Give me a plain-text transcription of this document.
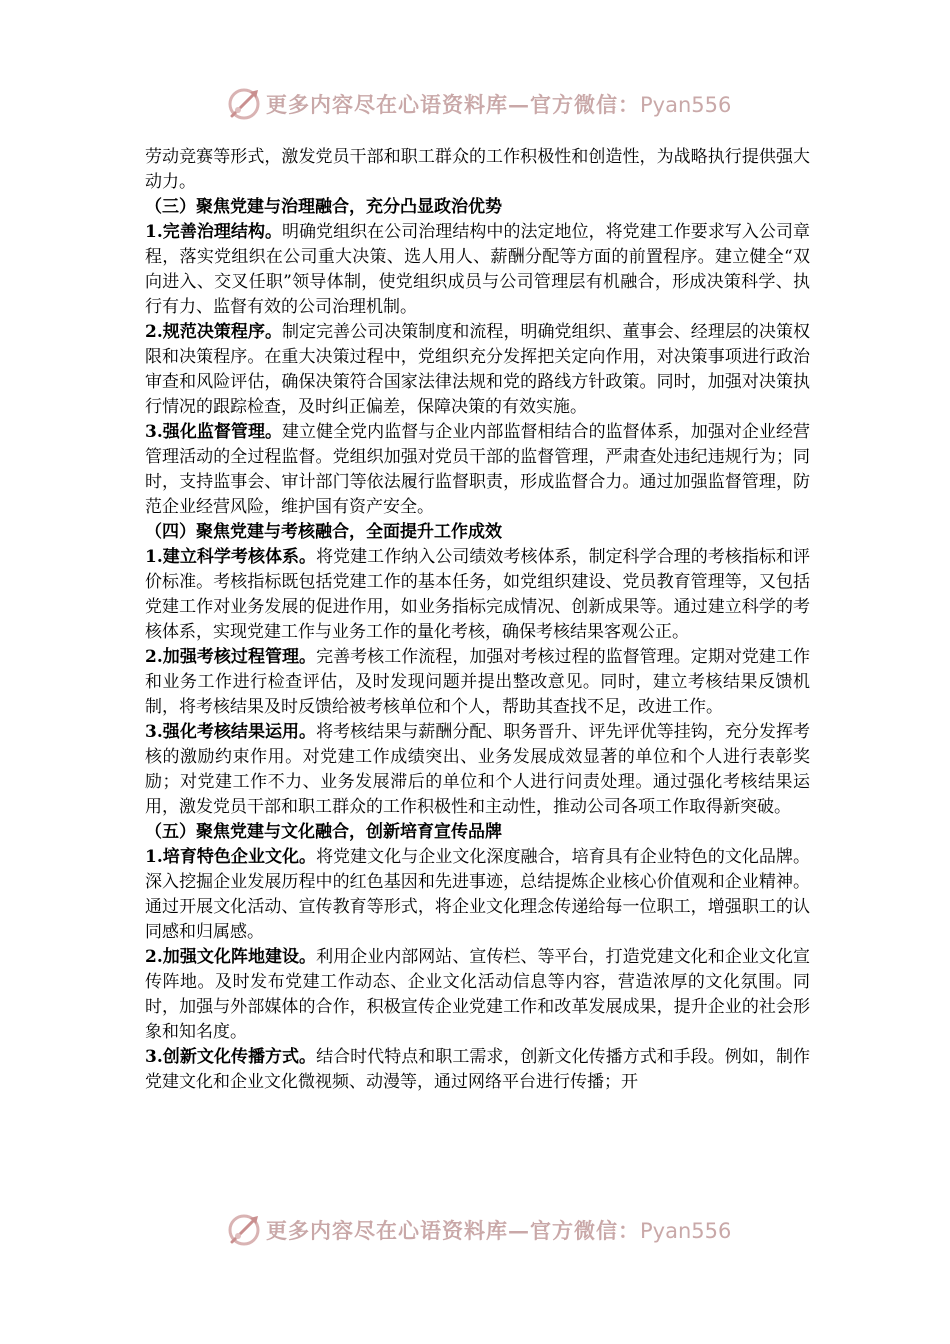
更多内容尽在心语资料库—官方微信：Pyan556

劳动竞赛等形式，激发党员干部和职工群众的工作积极性和创造性，为战略执行提供强大动力。

（三）聚焦党建与治理融合，充分凸显政治优势

1.完善治理结构。明确党组织在公司治理结构中的法定地位，将党建工作要求写入公司章程，落实党组织在公司重大决策、选人用人、薪酬分配等方面的前置程序。建立健全“双向进入、交叉任职”领导体制，使党组织成员与公司管理层有机融合，形成决策科学、执行有力、监督有效的公司治理机制。

2.规范决策程序。制定完善公司决策制度和流程，明确党组织、董事会、经理层的决策权限和决策程序。在重大决策过程中，党组织充分发挥把关定向作用，对决策事项进行政治审查和风险评估，确保决策符合国家法律法规和党的路线方针政策。同时，加强对决策执行情况的跟踪检查，及时纠正偏差，保障决策的有效实施。

3.强化监督管理。建立健全党内监督与企业内部监督相结合的监督体系，加强对企业经营管理活动的全过程监督。党组织加强对党员干部的监督管理，严肃查处违纪违规行为；同时，支持监事会、审计部门等依法履行监督职责，形成监督合力。通过加强监督管理，防范企业经营风险，维护国有资产安全。

（四）聚焦党建与考核融合，全面提升工作成效

1.建立科学考核体系。将党建工作纳入公司绩效考核体系，制定科学合理的考核指标和评价标准。考核指标既包括党建工作的基本任务，如党组织建设、党员教育管理等，又包括党建工作对业务发展的促进作用，如业务指标完成情况、创新成果等。通过建立科学的考核体系，实现党建工作与业务工作的量化考核，确保考核结果客观公正。

2.加强考核过程管理。完善考核工作流程，加强对考核过程的监督管理。定期对党建工作和业务工作进行检查评估，及时发现问题并提出整改意见。同时，建立考核结果反馈机制，将考核结果及时反馈给被考核单位和个人，帮助其查找不足，改进工作。

3.强化考核结果运用。将考核结果与薪酬分配、职务晋升、评先评优等挂钩，充分发挥考核的激励约束作用。对党建工作成绩突出、业务发展成效显著的单位和个人进行表彰奖励；对党建工作不力、业务发展滞后的单位和个人进行问责处理。通过强化考核结果运用，激发党员干部和职工群众的工作积极性和主动性，推动公司各项工作取得新突破。

（五）聚焦党建与文化融合，创新培育宣传品牌

1.培育特色企业文化。将党建文化与企业文化深度融合，培育具有企业特色的文化品牌。深入挖掘企业发展历程中的红色基因和先进事迹，总结提炼企业核心价值观和企业精神。通过开展文化活动、宣传教育等形式，将企业文化理念传递给每一位职工，增强职工的认同感和归属感。

2.加强文化阵地建设。利用企业内部网站、宣传栏、等平台，打造党建文化和企业文化宣传阵地。及时发布党建工作动态、企业文化活动信息等内容，营造浓厚的文化氛围。同时，加强与外部媒体的合作，积极宣传企业党建工作和改革发展成果，提升企业的社会形象和知名度。

3.创新文化传播方式。结合时代特点和职工需求，创新文化传播方式和手段。例如，制作党建文化和企业文化微视频、动漫等，通过网络平台进行传播；开

更多内容尽在心语资料库—官方微信：Pyan556
